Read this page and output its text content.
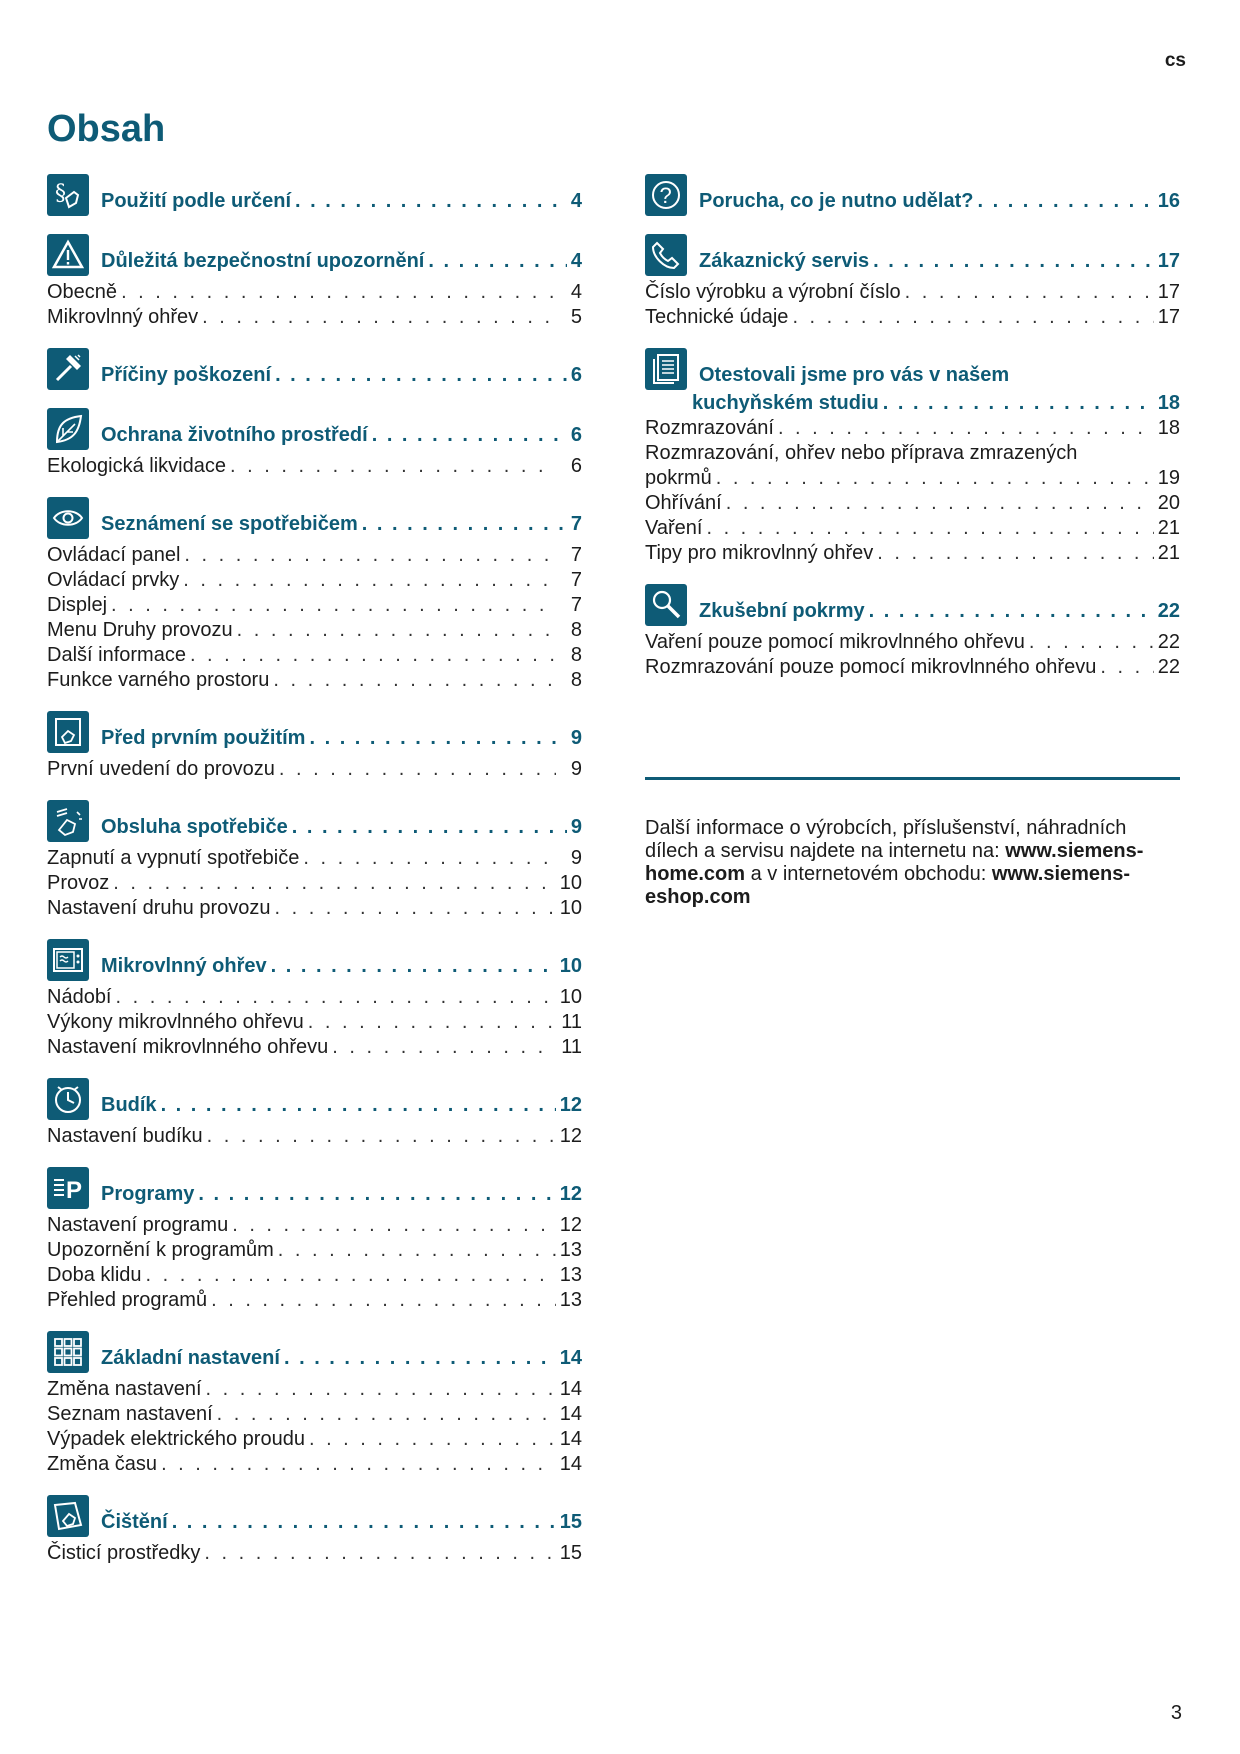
cs
Obsah
§ Použití podle určení . . .	4
Důležitá bezpečnostní upozornění . . .	4
Obecně . . .	4
Mikrovlnný ohřev . . .	5
Příčiny poškození . . .	6
Ochrana životního prostředí . . .	6
Ekologická likvidace . . .	6
Seznámení se spotřebičem . . .	7
Ovládací panel . . .	7
Ovládací prvky . . .	7
Displej . . .	7
Menu Druhy provozu . . .	8
Další informace . . .	8
Funkce varného prostoru . . .	8
Před prvním použitím . . .	9
První uvedení do provozu . . .	9
Obsluha spotřebiče . . .	9
Zapnutí a vypnutí spotřebiče . . .	9
Provoz . . .	10
Nastavení druhu provozu . . .	10
Mikrovlnný ohřev . . .	10
Nádobí . . .	10
Výkony mikrovlnného ohřevu . . .	11
Nastavení mikrovlnného ohřevu . . .	11
Budík . . .	12
Nastavení budíku . . .	12
P Programy . . .	12
Nastavení programu . . .	12
Upozornění k programům . . .	13
Doba klidu . . .	13
Přehled programů . . .	13
Základní nastavení . . .	14
Změna nastavení . . .	14
Seznam nastavení . . .	14
Výpadek elektrického proudu . . .	14
Změna času . . .	14
Čištění . . .	15
Čisticí prostředky . . .	15
? Porucha, co je nutno udělat? . . .	16
Zákaznický servis . . .	17
Číslo výrobku a výrobní číslo . . .	17
Technické údaje . . .	17
Otestovali jsme pro vás v našem
kuchyňském studiu . . .	18
Rozmrazování . . .	18
Rozmrazování, ohřev nebo příprava zmrazených
pokrmů . . .	19
Ohřívání . . .	20
Vaření . . .	21
Tipy pro mikrovlnný ohřev . . .	21
Zkušební pokrmy . . .	22
Vaření pouze pomocí mikrovlnného ohřevu . . .	22
Rozmrazování pouze pomocí mikrovlnného ohřevu . . .	22

Další informace o výrobcích, příslušenství, náhradních dílech a servisu najdete na internetu na: www.siemens-home.com a v internetovém obchodu: www.siemens-eshop.com

3
